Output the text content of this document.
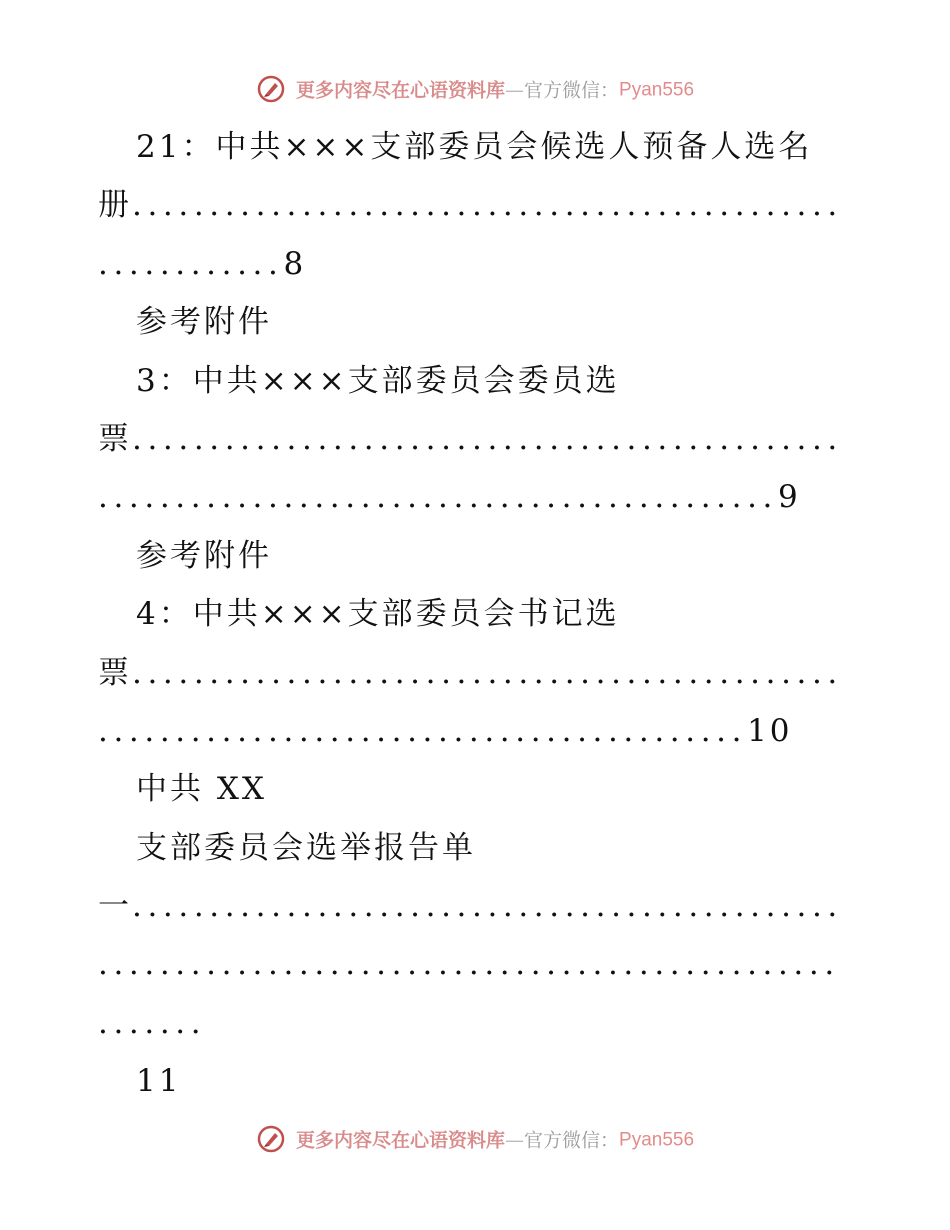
更多内容尽在心语资料库—官方微信：Pyan556
21：中共×××支部委员会候选人预备人选名
册..............................................
............8
参考附件
3：中共×××支部委员会委员选
票..............................................
............................................9
参考附件
4：中共×××支部委员会书记选
票..............................................
..........................................10
中共 XX
支部委员会选举报告单
一..............................................
................................................
.......
11
更多内容尽在心语资料库—官方微信：Pyan556
